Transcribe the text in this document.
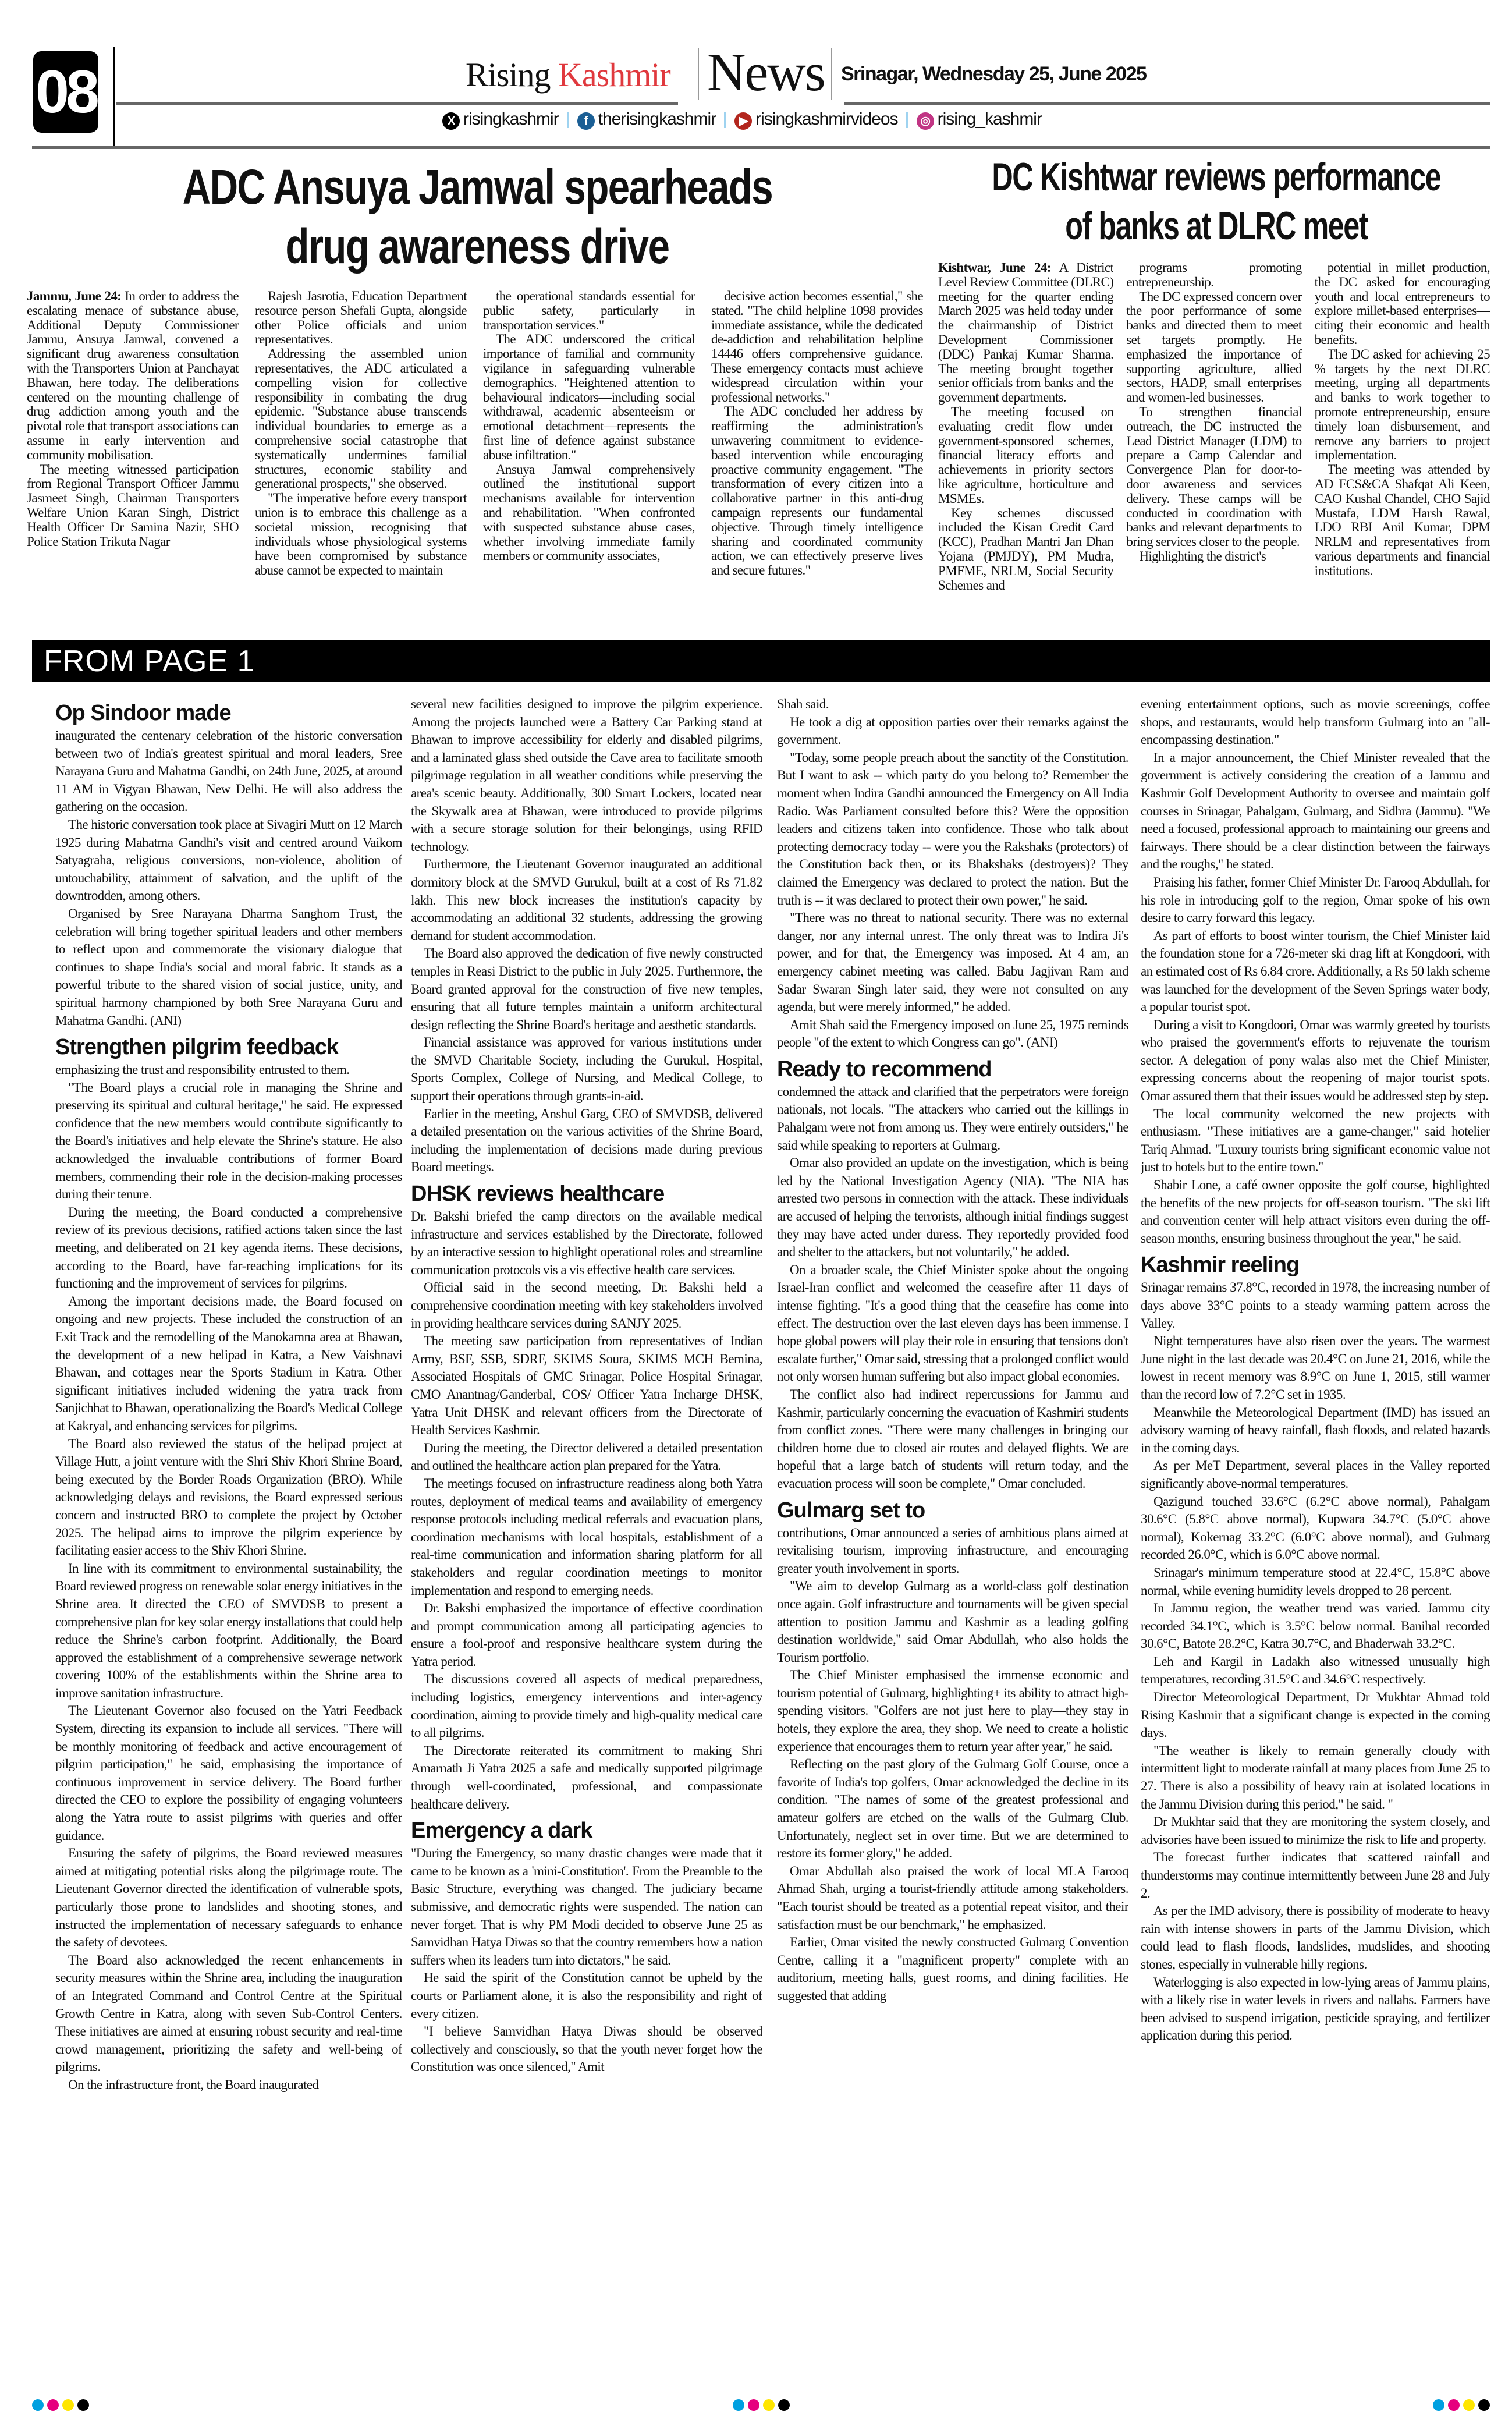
08	Rising Kashmir News Srinagar, Wednesday 25, June 2025
X risingkashmir	f therisingkashmir	▶ risingkashmirvideos	◎ rising_kashmir
ADC Ansuya Jamwal spearheads
drug awareness drive
DC Kishtwar reviews performance
of banks at DLRC meet

Jammu, June 24: In order to address the escalating menace of substance abuse, Additional Deputy Commissioner Jammu, Ansuya Jamwal, convened a significant drug awareness consultation with the Transporters Union at Panchayat Bhawan, here today. The deliberations centered on the mounting challenge of drug addiction among youth and the pivotal role that transport associations can assume in early intervention and community mobilisation.

The meeting witnessed participation from Regional Transport Officer Jammu Jasmeet Singh, Chairman Transporters Welfare Union Karan Singh, District Health Officer Dr Samina Nazir, SHO Police Station Trikuta Nagar

Rajesh Jasrotia, Education Department resource person Shefali Gupta, alongside other Police officials and union representatives.

Addressing the assembled union representatives, the ADC articulated a compelling vision for collective responsibility in combating the drug epidemic. "Substance abuse transcends individual boundaries to emerge as a comprehensive social catastrophe that systematically undermines familial structures, economic stability and generational prospects," she observed.

"The imperative before every transport union is to embrace this challenge as a societal mission, recognising that individuals whose physiological systems have been compromised by substance abuse cannot be expected to maintain

the operational standards essential for public safety, particularly in transportation services."

The ADC underscored the critical importance of familial and community vigilance in safeguarding vulnerable demographics. "Heightened attention to behavioural indicators—including social withdrawal, academic absenteeism or emotional detachment—represents the first line of defence against substance abuse infiltration."

Ansuya Jamwal comprehensively outlined the institutional support mechanisms available for intervention and rehabilitation. "When confronted with suspected substance abuse cases, whether involving immediate family members or community associates,

decisive action becomes essential," she stated. "The child helpline 1098 provides immediate assistance, while the dedicated de-addiction and rehabilitation helpline 14446 offers comprehensive guidance. These emergency contacts must achieve widespread circulation within your professional networks."

The ADC concluded her address by reaffirming the administration's unwavering commitment to evidence-based intervention while encouraging proactive community engagement. "The transformation of every citizen into a collaborative partner in this anti-drug campaign represents our fundamental objective. Through timely intelligence sharing and coordinated community action, we can effectively preserve lives and secure futures."

Kishtwar, June 24: A District Level Review Committee (DLRC) meeting for the quarter ending March 2025 was held today under the chairmanship of District Development Commissioner (DDC) Pankaj Kumar Sharma. The meeting brought together senior officials from banks and the government departments.

The meeting focused on evaluating credit flow under government-sponsored schemes, financial literacy efforts and achievements in priority sectors like agriculture, horticulture and MSMEs.

Key schemes discussed included the Kisan Credit Card (KCC), Pradhan Mantri Jan Dhan Yojana (PMJDY), PM Mudra, PMFME, NRLM, Social Security Schemes and

programs promoting entrepreneurship.

The DC expressed concern over the poor performance of some banks and directed them to meet set targets promptly. He emphasized the importance of supporting agriculture, allied sectors, HADP, small enterprises and women-led businesses.

To strengthen financial outreach, the DC instructed the Lead District Manager (LDM) to prepare a Camp Calendar and Convergence Plan for door-to-door awareness and services delivery. These camps will be conducted in coordination with banks and relevant departments to bring services closer to the people.

Highlighting the district's

potential in millet production, the DC asked for encouraging youth and local entrepreneurs to explore millet-based enterprises—citing their economic and health benefits.

The DC asked for achieving 25 % targets by the next DLRC meeting, urging all departments and banks to work together to promote entrepreneurship, ensure timely loan disbursement, and remove any barriers to project implementation.

The meeting was attended by AD FCS&CA Shafqat Ali Keen, CAO Kushal Chandel, CHO Sajid Mustafa, LDM Harsh Rawal, LDO RBI Anil Kumar, DPM NRLM and representatives from various departments and financial institutions.

FROM PAGE 1
Op Sindoor made

inaugurated the centenary celebration of the historic conversation between two of India's greatest spiritual and moral leaders, Sree Narayana Guru and Mahatma Gandhi, on 24th June, 2025, at around 11 AM in Vigyan Bhawan, New Delhi. He will also address the gathering on the occasion.

The historic conversation took place at Sivagiri Mutt on 12 March 1925 during Mahatma Gandhi's visit and centred around Vaikom Satyagraha, religious conversions, non-violence, abolition of untouchability, attainment of salvation, and the uplift of the downtrodden, among others.

Organised by Sree Narayana Dharma Sanghom Trust, the celebration will bring together spiritual leaders and other members to reflect upon and commemorate the visionary dialogue that continues to shape India's social and moral fabric. It stands as a powerful tribute to the shared vision of social justice, unity, and spiritual harmony championed by both Sree Narayana Guru and Mahatma Gandhi. (ANI)

Strengthen pilgrim feedback

emphasizing the trust and responsibility entrusted to them.

"The Board plays a crucial role in managing the Shrine and preserving its spiritual and cultural heritage," he said. He expressed confidence that the new members would contribute significantly to the Board's initiatives and help elevate the Shrine's stature. He also acknowledged the invaluable contributions of former Board members, commending their role in the decision-making processes during their tenure.

During the meeting, the Board conducted a comprehensive review of its previous decisions, ratified actions taken since the last meeting, and deliberated on 21 key agenda items. These decisions, according to the Board, have far-reaching implications for its functioning and the improvement of services for pilgrims.

Among the important decisions made, the Board focused on ongoing and new projects. These included the construction of an Exit Track and the remodelling of the Manokamna area at Bhawan, the development of a new helipad in Katra, a New Vaishnavi Bhawan, and cottages near the Sports Stadium in Katra. Other significant initiatives included widening the yatra track from Sanjichhat to Bhawan, operationalizing the Board's Medical College at Kakryal, and enhancing services for pilgrims.

The Board also reviewed the status of the helipad project at Village Hutt, a joint venture with the Shri Shiv Khori Shrine Board, being executed by the Border Roads Organization (BRO). While acknowledging delays and revisions, the Board expressed serious concern and instructed BRO to complete the project by October 2025. The helipad aims to improve the pilgrim experience by facilitating easier access to the Shiv Khori Shrine.

In line with its commitment to environmental sustainability, the Board reviewed progress on renewable solar energy initiatives in the Shrine area. It directed the CEO of SMVDSB to present a comprehensive plan for key solar energy installations that could help reduce the Shrine's carbon footprint. Additionally, the Board approved the establishment of a comprehensive sewerage network covering 100% of the establishments within the Shrine area to improve sanitation infrastructure.

The Lieutenant Governor also focused on the Yatri Feedback System, directing its expansion to include all services. "There will be monthly monitoring of feedback and active encouragement of pilgrim participation," he said, emphasising the importance of continuous improvement in service delivery. The Board further directed the CEO to explore the possibility of engaging volunteers along the Yatra route to assist pilgrims with queries and offer guidance.

Ensuring the safety of pilgrims, the Board reviewed measures aimed at mitigating potential risks along the pilgrimage route. The Lieutenant Governor directed the identification of vulnerable spots, particularly those prone to landslides and shooting stones, and instructed the implementation of necessary safeguards to enhance the safety of devotees.

The Board also acknowledged the recent enhancements in security measures within the Shrine area, including the inauguration of an Integrated Command and Control Centre at the Spiritual Growth Centre in Katra, along with seven Sub-Control Centers. These initiatives are aimed at ensuring robust security and real-time crowd management, prioritizing the safety and well-being of pilgrims.

On the infrastructure front, the Board inaugurated

several new facilities designed to improve the pilgrim experience. Among the projects launched were a Battery Car Parking stand at Bhawan to improve accessibility for elderly and disabled pilgrims, and a laminated glass shed outside the Cave area to facilitate smooth pilgrimage regulation in all weather conditions while preserving the area's scenic beauty. Additionally, 300 Smart Lockers, located near the Skywalk area at Bhawan, were introduced to provide pilgrims with a secure storage solution for their belongings, using RFID technology.

Furthermore, the Lieutenant Governor inaugurated an additional dormitory block at the SMVD Gurukul, built at a cost of Rs 71.82 lakh. This new block increases the institution's capacity by accommodating an additional 32 students, addressing the growing demand for student accommodation.

The Board also approved the dedication of five newly constructed temples in Reasi District to the public in July 2025. Furthermore, the Board granted approval for the construction of five new temples, ensuring that all future temples maintain a uniform architectural design reflecting the Shrine Board's heritage and aesthetic standards.

Financial assistance was approved for various institutions under the SMVD Charitable Society, including the Gurukul, Hospital, Sports Complex, College of Nursing, and Medical College, to support their operations through grants-in-aid.

Earlier in the meeting, Anshul Garg, CEO of SMVDSB, delivered a detailed presentation on the various activities of the Shrine Board, including the implementation of decisions made during previous Board meetings.

DHSK reviews healthcare

Dr. Bakshi briefed the camp directors on the available medical infrastructure and services established by the Directorate, followed by an interactive session to highlight operational roles and streamline communication protocols vis a vis effective health care services.

Official said in the second meeting, Dr. Bakshi held a comprehensive coordination meeting with key stakeholders involved in providing healthcare services during SANJY 2025.

The meeting saw participation from representatives of Indian Army, BSF, SSB, SDRF, SKIMS Soura, SKIMS MCH Bemina, Associated Hospitals of GMC Srinagar, Police Hospital Srinagar, CMO Anantnag/Ganderbal, COS/ Officer Yatra Incharge DHSK, Yatra Unit DHSK and relevant officers from the Directorate of Health Services Kashmir.

During the meeting, the Director delivered a detailed presentation and outlined the healthcare action plan prepared for the Yatra.

The meetings focused on infrastructure readiness along both Yatra routes, deployment of medical teams and availability of emergency response protocols including medical referrals and evacuation plans, coordination mechanisms with local hospitals, establishment of a real-time communication and information sharing platform for all stakeholders and regular coordination meetings to monitor implementation and respond to emerging needs.

Dr. Bakshi emphasized the importance of effective coordination and prompt communication among all participating agencies to ensure a fool-proof and responsive healthcare system during the Yatra period.

The discussions covered all aspects of medical preparedness, including logistics, emergency interventions and inter-agency coordination, aiming to provide timely and high-quality medical care to all pilgrims.

The Directorate reiterated its commitment to making Shri Amarnath Ji Yatra 2025 a safe and medically supported pilgrimage through well-coordinated, professional, and compassionate healthcare delivery.

Emergency a dark

"During the Emergency, so many drastic changes were made that it came to be known as a 'mini-Constitution'. From the Preamble to the Basic Structure, everything was changed. The judiciary became submissive, and democratic rights were suspended. The nation can never forget. That is why PM Modi decided to observe June 25 as Samvidhan Hatya Diwas so that the country remembers how a nation suffers when its leaders turn into dictators," he said.

He said the spirit of the Constitution cannot be upheld by the courts or Parliament alone, it is also the responsibility and right of every citizen.

"I believe Samvidhan Hatya Diwas should be observed collectively and consciously, so that the youth never forget how the Constitution was once silenced," Amit

Shah said.

He took a dig at opposition parties over their remarks against the government.

"Today, some people preach about the sanctity of the Constitution. But I want to ask -- which party do you belong to? Remember the moment when Indira Gandhi announced the Emergency on All India Radio. Was Parliament consulted before this? Were the opposition leaders and citizens taken into confidence. Those who talk about protecting democracy today -- were you the Rakshaks (protectors) of the Constitution back then, or its Bhakshaks (destroyers)? They claimed the Emergency was declared to protect the nation. But the truth is -- it was declared to protect their own power," he said.

"There was no threat to national security. There was no external danger, nor any internal unrest. The only threat was to Indira Ji's power, and for that, the Emergency was imposed. At 4 am, an emergency cabinet meeting was called. Babu Jagjivan Ram and Sadar Swaran Singh later said, they were not consulted on any agenda, but were merely informed," he added.

Amit Shah said the Emergency imposed on June 25, 1975 reminds people "of the extent to which Congress can go". (ANI)

Ready to recommend

condemned the attack and clarified that the perpetrators were foreign nationals, not locals. "The attackers who carried out the killings in Pahalgam were not from among us. They were entirely outsiders," he said while speaking to reporters at Gulmarg.

Omar also provided an update on the investigation, which is being led by the National Investigation Agency (NIA). "The NIA has arrested two persons in connection with the attack. These individuals are accused of helping the terrorists, although initial findings suggest they may have acted under duress. They reportedly provided food and shelter to the attackers, but not voluntarily," he added.

On a broader scale, the Chief Minister spoke about the ongoing Israel-Iran conflict and welcomed the ceasefire after 11 days of intense fighting. "It's a good thing that the ceasefire has come into effect. The destruction over the last eleven days has been immense. I hope global powers will play their role in ensuring that tensions don't escalate further," Omar said, stressing that a prolonged conflict would not only worsen human suffering but also impact global economies.

The conflict also had indirect repercussions for Jammu and Kashmir, particularly concerning the evacuation of Kashmiri students from conflict zones. "There were many challenges in bringing our children home due to closed air routes and delayed flights. We are hopeful that a large batch of students will return today, and the evacuation process will soon be complete," Omar concluded.

Gulmarg set to

contributions, Omar announced a series of ambitious plans aimed at revitalising tourism, improving infrastructure, and encouraging greater youth involvement in sports.

"We aim to develop Gulmarg as a world-class golf destination once again. Golf infrastructure and tournaments will be given special attention to position Jammu and Kashmir as a leading golfing destination worldwide," said Omar Abdullah, who also holds the Tourism portfolio.

The Chief Minister emphasised the immense economic and tourism potential of Gulmarg, highlighting+ its ability to attract high-spending visitors. "Golfers are not just here to play—they stay in hotels, they explore the area, they shop. We need to create a holistic experience that encourages them to return year after year," he said.

Reflecting on the past glory of the Gulmarg Golf Course, once a favorite of India's top golfers, Omar acknowledged the decline in its condition. "The names of some of the greatest professional and amateur golfers are etched on the walls of the Gulmarg Club. Unfortunately, neglect set in over time. But we are determined to restore its former glory," he added.

Omar Abdullah also praised the work of local MLA Farooq Ahmad Shah, urging a tourist-friendly attitude among stakeholders. "Each tourist should be treated as a potential repeat visitor, and their satisfaction must be our benchmark," he emphasized.

Earlier, Omar visited the newly constructed Gulmarg Convention Centre, calling it a "magnificent property" complete with an auditorium, meeting halls, guest rooms, and dining facilities. He suggested that adding

evening entertainment options, such as movie screenings, coffee shops, and restaurants, would help transform Gulmarg into an "all-encompassing destination."

In a major announcement, the Chief Minister revealed that the government is actively considering the creation of a Jammu and Kashmir Golf Development Authority to oversee and maintain golf courses in Srinagar, Pahalgam, Gulmarg, and Sidhra (Jammu). "We need a focused, professional approach to maintaining our greens and fairways. There should be a clear distinction between the fairways and the roughs," he stated.

Praising his father, former Chief Minister Dr. Farooq Abdullah, for his role in introducing golf to the region, Omar spoke of his own desire to carry forward this legacy.

As part of efforts to boost winter tourism, the Chief Minister laid the foundation stone for a 726-meter ski drag lift at Kongdoori, with an estimated cost of Rs 6.84 crore. Additionally, a Rs 50 lakh scheme was launched for the development of the Seven Springs water body, a popular tourist spot.

During a visit to Kongdoori, Omar was warmly greeted by tourists who praised the government's efforts to rejuvenate the tourism sector. A delegation of pony walas also met the Chief Minister, expressing concerns about the reopening of major tourist spots. Omar assured them that their issues would be addressed step by step.

The local community welcomed the new projects with enthusiasm. "These initiatives are a game-changer," said hotelier Tariq Ahmad. "Luxury tourists bring significant economic value not just to hotels but to the entire town."

Shabir Lone, a café owner opposite the golf course, highlighted the benefits of the new projects for off-season tourism. "The ski lift and convention center will help attract visitors even during the off-season months, ensuring business throughout the year," he said.

Kashmir reeling

Srinagar remains 37.8°C, recorded in 1978, the increasing number of days above 33°C points to a steady warming pattern across the Valley.

Night temperatures have also risen over the years. The warmest June night in the last decade was 20.4°C on June 21, 2016, while the lowest in recent memory was 8.9°C on June 1, 2015, still warmer than the record low of 7.2°C set in 1935.

Meanwhile the Meteorological Department (IMD) has issued an advisory warning of heavy rainfall, flash floods, and related hazards in the coming days.

As per MeT Department, several places in the Valley reported significantly above-normal temperatures.

Qazigund touched 33.6°C (6.2°C above normal), Pahalgam 30.6°C (5.8°C above normal), Kupwara 34.7°C (5.0°C above normal), Kokernag 33.2°C (6.0°C above normal), and Gulmarg recorded 26.0°C, which is 6.0°C above normal.

Srinagar's minimum temperature stood at 22.4°C, 15.8°C above normal, while evening humidity levels dropped to 28 percent.

In Jammu region, the weather trend was varied. Jammu city recorded 34.1°C, which is 3.5°C below normal. Banihal recorded 30.6°C, Batote 28.2°C, Katra 30.7°C, and Bhaderwah 33.2°C.

Leh and Kargil in Ladakh also witnessed unusually high temperatures, recording 31.5°C and 34.6°C respectively.

Director Meteorological Department, Dr Mukhtar Ahmad told Rising Kashmir that a significant change is expected in the coming days.

"The weather is likely to remain generally cloudy with intermittent light to moderate rainfall at many places from June 25 to 27. There is also a possibility of heavy rain at isolated locations in the Jammu Division during this period," he said. "

Dr Mukhtar said that they are monitoring the system closely, and advisories have been issued to minimize the risk to life and property.

The forecast further indicates that scattered rainfall and thunderstorms may continue intermittently between June 28 and July 2.

As per the IMD advisory, there is possibility of moderate to heavy rain with intense showers in parts of the Jammu Division, which could lead to flash floods, landslides, mudslides, and shooting stones, especially in vulnerable hilly regions.

Waterlogging is also expected in low-lying areas of Jammu plains, with a likely rise in water levels in rivers and nallahs. Farmers have been advised to suspend irrigation, pesticide spraying, and fertilizer application during this period.
